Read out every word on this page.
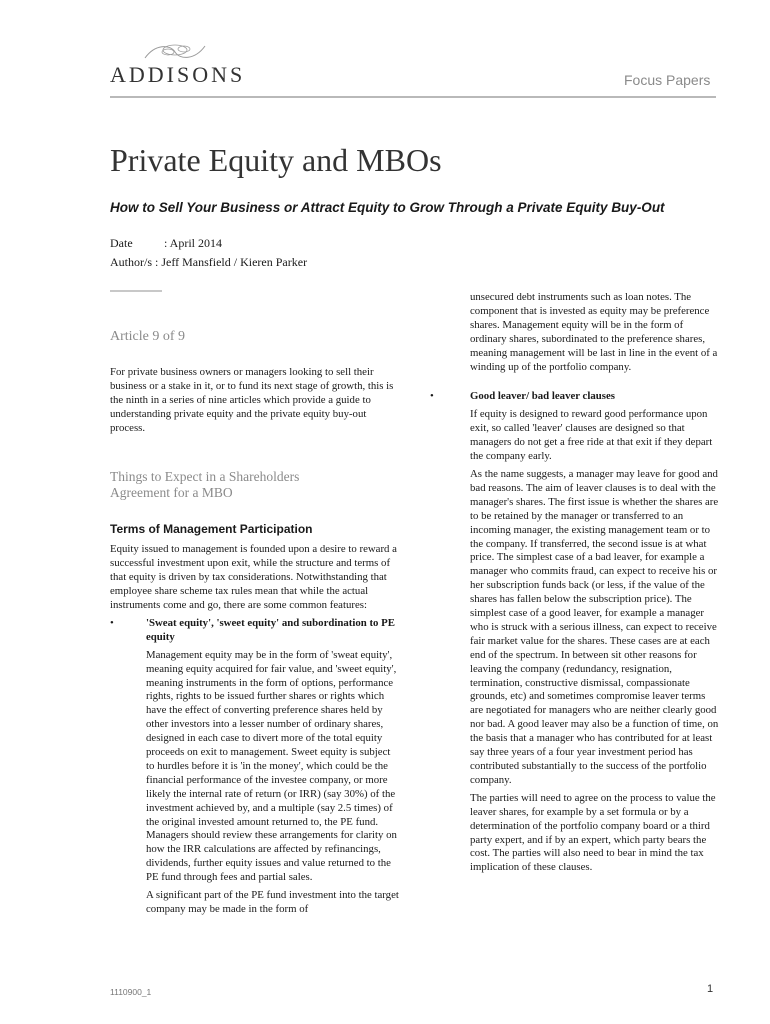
ADDISONS	Focus Papers
Private Equity and MBOs
How to Sell Your Business or Attract Equity to Grow Through a Private Equity Buy-Out
Date	: April 2014
Author/s : Jeff Mansfield / Kieren Parker
Article 9 of 9

For private business owners or managers looking to sell their business or a stake in it, or to fund its next stage of growth, this is the ninth in a series of nine articles which provide a guide to understanding private equity and the private equity buy-out process.

Things to Expect in a Shareholders
Agreement for a MBO
Terms of Management Participation

Equity issued to management is founded upon a desire to reward a successful investment upon exit, while the structure and terms of that equity is driven by tax considerations. Notwithstanding that employee share scheme tax rules mean that while the actual instruments come and go, there are some common features:

•	'Sweat equity', 'sweet equity' and subordination to PE equity

Management equity may be in the form of 'sweat equity', meaning equity acquired for fair value, and 'sweet equity', meaning instruments in the form of options, performance rights, rights to be issued further shares or rights which have the effect of converting preference shares held by other investors into a lesser number of ordinary shares, designed in each case to divert more of the total equity proceeds on exit to management. Sweet equity is subject to hurdles before it is 'in the money', which could be the financial performance of the investee company, or more likely the internal rate of return (or IRR) (say 30%) of the investment achieved by, and a multiple (say 2.5 times) of the original invested amount returned to, the PE fund. Managers should review these arrangements for clarity on how the IRR calculations are affected by refinancings, dividends, further equity issues and value returned to the PE fund through fees and partial sales.

A significant part of the PE fund investment into the target company may be made in the form of

unsecured debt instruments such as loan notes. The component that is invested as equity may be preference shares. Management equity will be in the form of ordinary shares, subordinated to the preference shares, meaning management will be last in line in the event of a winding up of the portfolio company.

•	Good leaver/ bad leaver clauses

If equity is designed to reward good performance upon exit, so called 'leaver' clauses are designed so that managers do not get a free ride at that exit if they depart the company early.

As the name suggests, a manager may leave for good and bad reasons. The aim of leaver clauses is to deal with the manager's shares. The first issue is whether the shares are to be retained by the manager or transferred to an incoming manager, the existing management team or to the company. If transferred, the second issue is at what price. The simplest case of a bad leaver, for example a manager who commits fraud, can expect to receive his or her subscription funds back (or less, if the value of the shares has fallen below the subscription price). The simplest case of a good leaver, for example a manager who is struck with a serious illness, can expect to receive fair market value for the shares. These cases are at each end of the spectrum. In between sit other reasons for leaving the company (redundancy, resignation, termination, constructive dismissal, compassionate grounds, etc) and sometimes compromise leaver terms are negotiated for managers who are neither clearly good nor bad. A good leaver may also be a function of time, on the basis that a manager who has contributed for at least say three years of a four year investment period has contributed substantially to the success of the portfolio company.

The parties will need to agree on the process to value the leaver shares, for example by a set formula or by a determination of the portfolio company board or a third party expert, and if by an expert, which party bears the cost. The parties will also need to bear in mind the tax implication of these clauses.

1110900_1	1
